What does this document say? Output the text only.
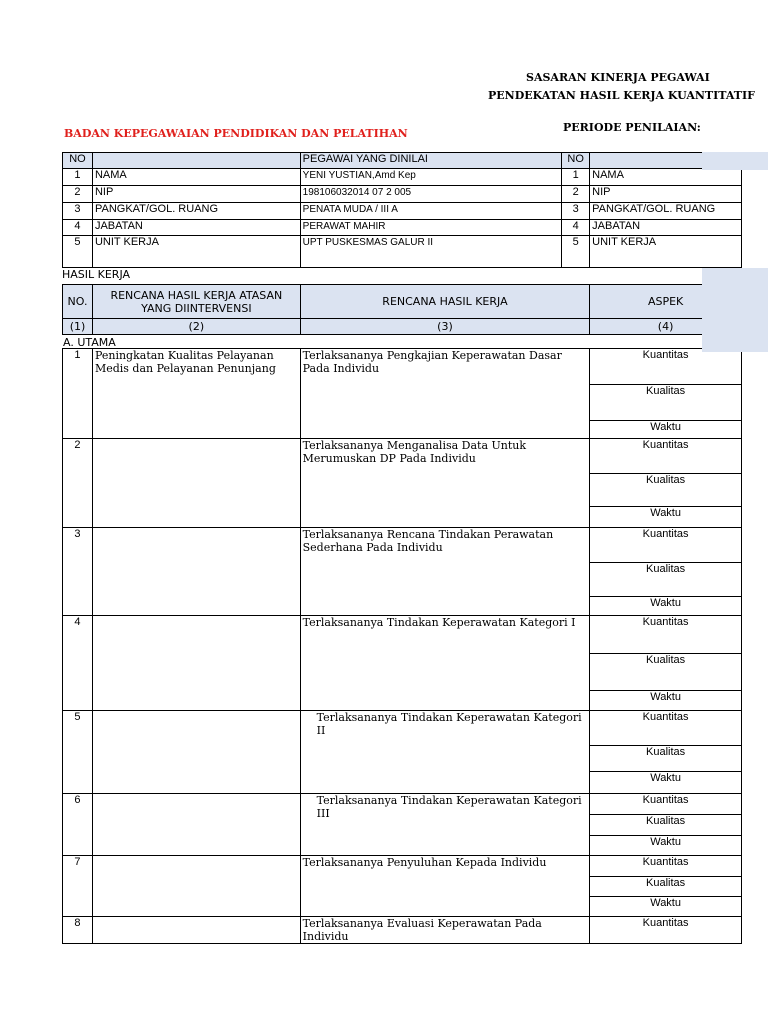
SASARAN KINERJA PEGAWAI
PENDEKATAN HASIL KERJA KUANTITATIF
BADAN KEPEGAWAIAN PENDIDIKAN DAN PELATIHAN	PERIODE PENILAIAN:
NO		PEGAWAI YANG DINILAI	NO	
1	NAMA	YENI YUSTIAN,Amd Kep	1	NAMA
2	NIP	198106032014 07 2 005	2	NIP
3	PANGKAT/GOL. RUANG	PENATA MUDA / III A	3	PANGKAT/GOL. RUANG
4	JABATAN	PERAWAT MAHIR	4	JABATAN
5	UNIT KERJA	UPT PUSKESMAS GALUR II	5	UNIT KERJA
HASIL KERJA
NO.	RENCANA HASIL KERJA ATASAN YANG DIINTERVENSI	RENCANA HASIL KERJA	ASPEK
(1)	(2)	(3)	(4)
A. UTAMA
1	Peningkatan Kualitas Pelayanan Medis dan Pelayanan Penunjang	Terlaksananya Pengkajian Keperawatan Dasar Pada Individu	Kuantitas
			Kualitas
			Waktu
2		Terlaksananya Menganalisa Data Untuk Merumuskan DP Pada Individu	Kuantitas
			Kualitas
			Waktu
3		Terlaksananya Rencana Tindakan Perawatan Sederhana Pada Individu	Kuantitas
			Kualitas
			Waktu
4		Terlaksananya Tindakan Keperawatan Kategori I	Kuantitas
			Kualitas
			Waktu
5		Terlaksananya Tindakan Keperawatan Kategori II	Kuantitas
			Kualitas
			Waktu
6		Terlaksananya Tindakan Keperawatan Kategori III	Kuantitas
			Kualitas
			Waktu
7		Terlaksananya Penyuluhan Kepada Individu	Kuantitas
			Kualitas
			Waktu
8		Terlaksananya Evaluasi Keperawatan Pada Individu	Kuantitas
